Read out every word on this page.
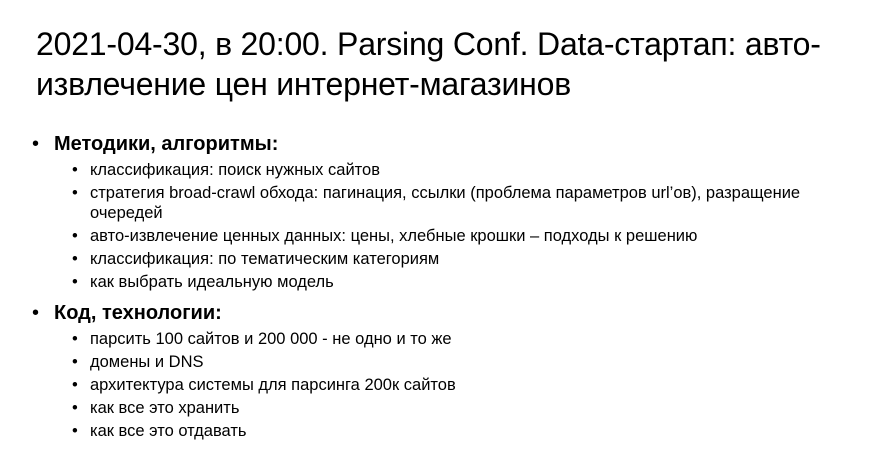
2021-04-30, в 20:00. Parsing Conf. Data-стартап: авто-извлечение цен интернет-магазинов
• Методики, алгоритмы:
• классификация: поиск нужных сайтов
• стратегия broad-crawl обхода: пагинация, ссылки (проблема параметров url’ов), разращение очередей
• авто-извлечение ценных данных: цены, хлебные крошки – подходы к решению
• классификация: по тематическим категориям
• как выбрать идеальную модель
• Код, технологии:
• парсить 100 сайтов и 200 000 - не одно и то же
• домены и DNS
• архитектура системы для парсинга 200к сайтов
• как все это хранить
• как все это отдавать
